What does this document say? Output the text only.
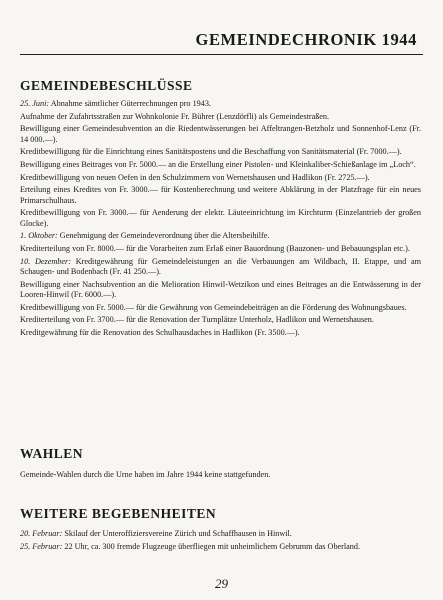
GEMEINDECHRONIK 1944
GEMEINDEBESCHLÜSSE

25. Juni: Abnahme sämtlicher Güterrechnungen pro 1943.

Aufnahme der Zufahrtsstraßen zur Wohnkolonie Fr. Bührer (Lenzdörfli) als Gemeindestraßen.

Bewilligung einer Gemeindesubvention an die Riedentwässerungen bei Affeltrangen-Betzholz und Sonnenhof-Lenz (Fr. 14 000.—).

Kreditbewilligung für die Einrichtung eines Sanitätspostens und die Beschaffung von Sanitätsmaterial (Fr. 7000.—).

Bewilligung eines Beitrages von Fr. 5000.— an die Erstellung einer Pistolen- und Kleinkaliber-Schießanlage im „Loch“.

Kreditbewilligung von neuen Oefen in den Schulzimmern von Wernetshausen und Hadlikon (Fr. 2725.—).

Erteilung eines Kredites von Fr. 3000.— für Kostenberechnung und weitere Abklärung in der Platzfrage für ein neues Primarschulhaus.

Kreditbewilligung von Fr. 3000.— für Aenderung der elektr. Läuteeinrichtung im Kirchturm (Einzelantrieb der großen Glocke).

1. Oktober: Genehmigung der Gemeindeverordnung über die Altersbeihilfe.

Krediterteilung von Fr. 8000.— für die Vorarbeiten zum Erlaß einer Bauordnung (Bauzonen- und Bebauungsplan etc.).

10. Dezember: Kreditgewährung für Gemeindeleistungen an die Verbauungen am Wildbach, II. Etappe, und am Schaugen- und Bodenbach (Fr. 41 250.—).

Bewilligung einer Nachsubvention an die Melioration Hinwil-Wetzikon und eines Beitrages an die Entwässerung in der Looren-Hinwil (Fr. 6000.—).

Kreditbewilligung von Fr. 5000.— für die Gewährung von Gemeindebeiträgen an die Förderung des Wohnungsbaues.

Krediterteilung von Fr. 3700.— für die Renovation der Turnplätze Unterholz, Hadlikon und Wernetshausen.

Kreditgewährung für die Renovation des Schulhausdaches in Hadlikon (Fr. 3500.—).

WAHLEN

Gemeinde-Wahlen durch die Urne haben im Jahre 1944 keine stattgefunden.

WEITERE BEGEBENHEITEN

20. Februar: Skilauf der Unteroffiziersvereine Zürich und Schaffhausen in Hinwil.

25. Februar: 22 Uhr, ca. 300 fremde Flugzeuge überfliegen mit unheimlichem Gebrumm das Oberland.

29
